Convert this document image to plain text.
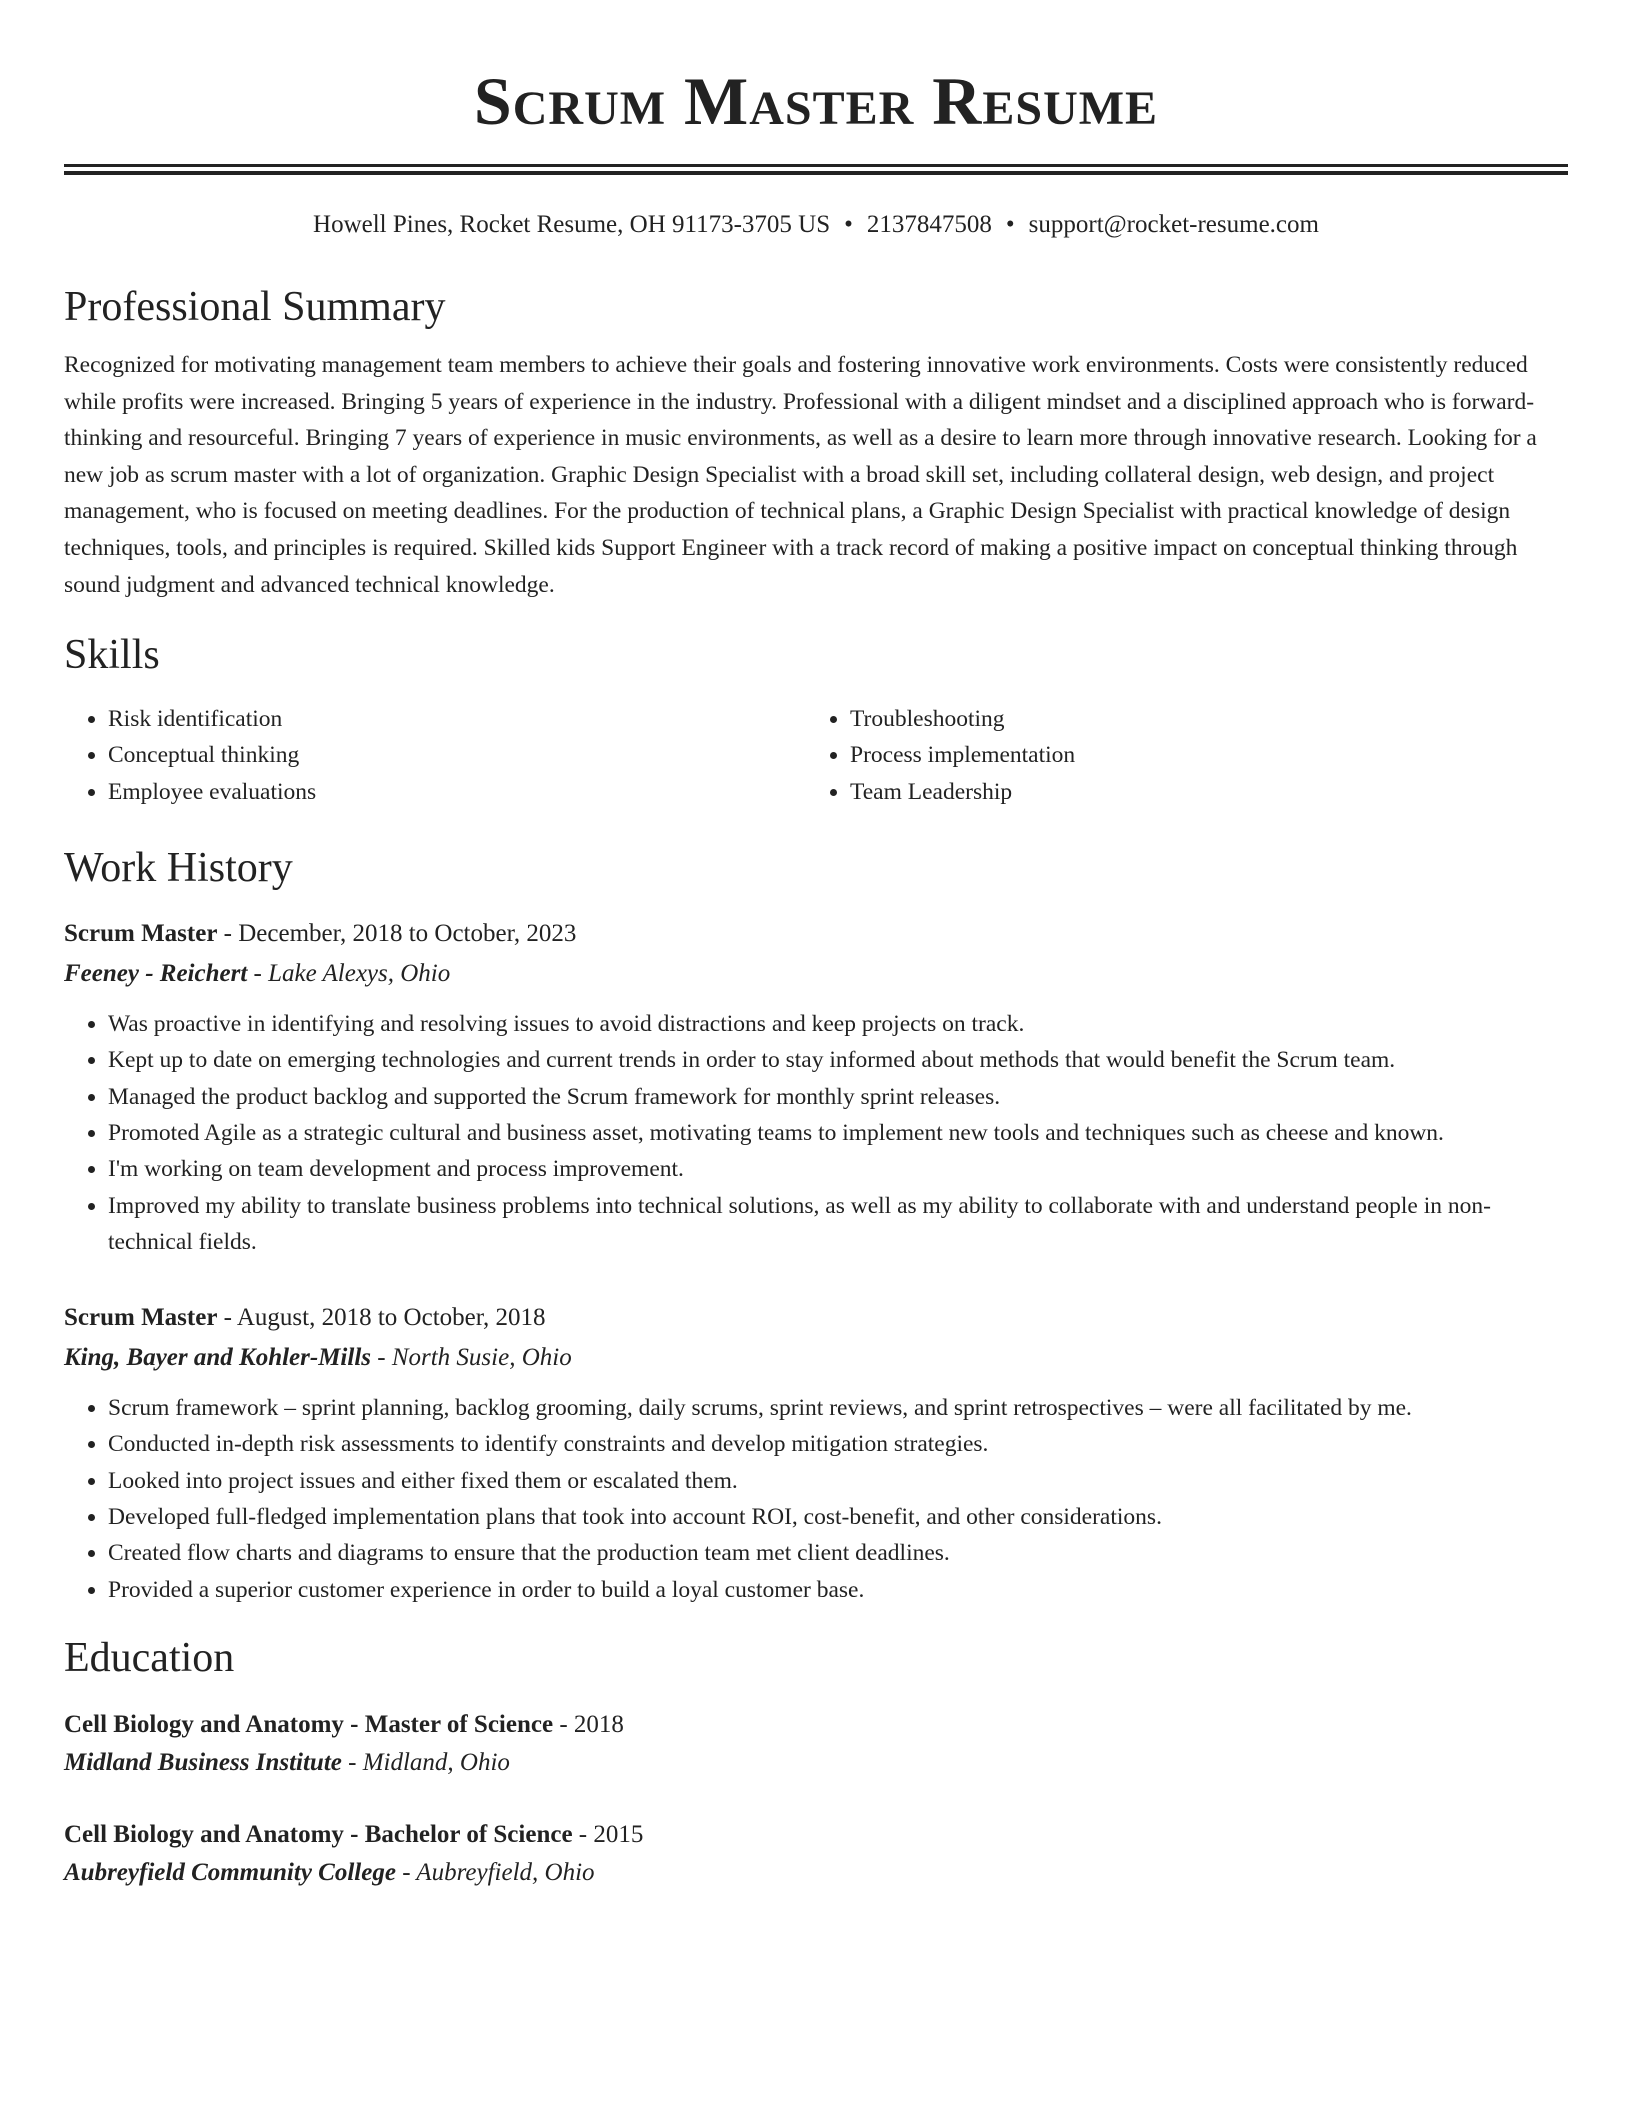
Scrum Master Resume
Howell Pines, Rocket Resume, OH 91173-3705 US • 2137847508 • support@rocket-resume.com
Professional Summary

Recognized for motivating management team members to achieve their goals and fostering innovative work environments. Costs were consistently reduced while profits were increased. Bringing 5 years of experience in the industry. Professional with a diligent mindset and a disciplined approach who is forward-thinking and resourceful. Bringing 7 years of experience in music environments, as well as a desire to learn more through innovative research. Looking for a new job as scrum master with a lot of organization. Graphic Design Specialist with a broad skill set, including collateral design, web design, and project management, who is focused on meeting deadlines. For the production of technical plans, a Graphic Design Specialist with practical knowledge of design techniques, tools, and principles is required. Skilled kids Support Engineer with a track record of making a positive impact on conceptual thinking through sound judgment and advanced technical knowledge.

Skills
• Risk identification
• Conceptual thinking
• Employee evaluations
• Troubleshooting
• Process implementation
• Team Leadership
Work History
Scrum Master - December, 2018 to October, 2023
Feeney - Reichert - Lake Alexys, Ohio
• Was proactive in identifying and resolving issues to avoid distractions and keep projects on track.
• Kept up to date on emerging technologies and current trends in order to stay informed about methods that would benefit the Scrum team.
• Managed the product backlog and supported the Scrum framework for monthly sprint releases.
• Promoted Agile as a strategic cultural and business asset, motivating teams to implement new tools and techniques such as cheese and known.
• I'm working on team development and process improvement.
• Improved my ability to translate business problems into technical solutions, as well as my ability to collaborate with and understand people in non-technical fields.
Scrum Master - August, 2018 to October, 2018
King, Bayer and Kohler-Mills - North Susie, Ohio
• Scrum framework – sprint planning, backlog grooming, daily scrums, sprint reviews, and sprint retrospectives – were all facilitated by me.
• Conducted in-depth risk assessments to identify constraints and develop mitigation strategies.
• Looked into project issues and either fixed them or escalated them.
• Developed full-fledged implementation plans that took into account ROI, cost-benefit, and other considerations.
• Created flow charts and diagrams to ensure that the production team met client deadlines.
• Provided a superior customer experience in order to build a loyal customer base.
Education
Cell Biology and Anatomy - Master of Science - 2018
Midland Business Institute - Midland, Ohio
Cell Biology and Anatomy - Bachelor of Science - 2015
Aubreyfield Community College - Aubreyfield, Ohio
